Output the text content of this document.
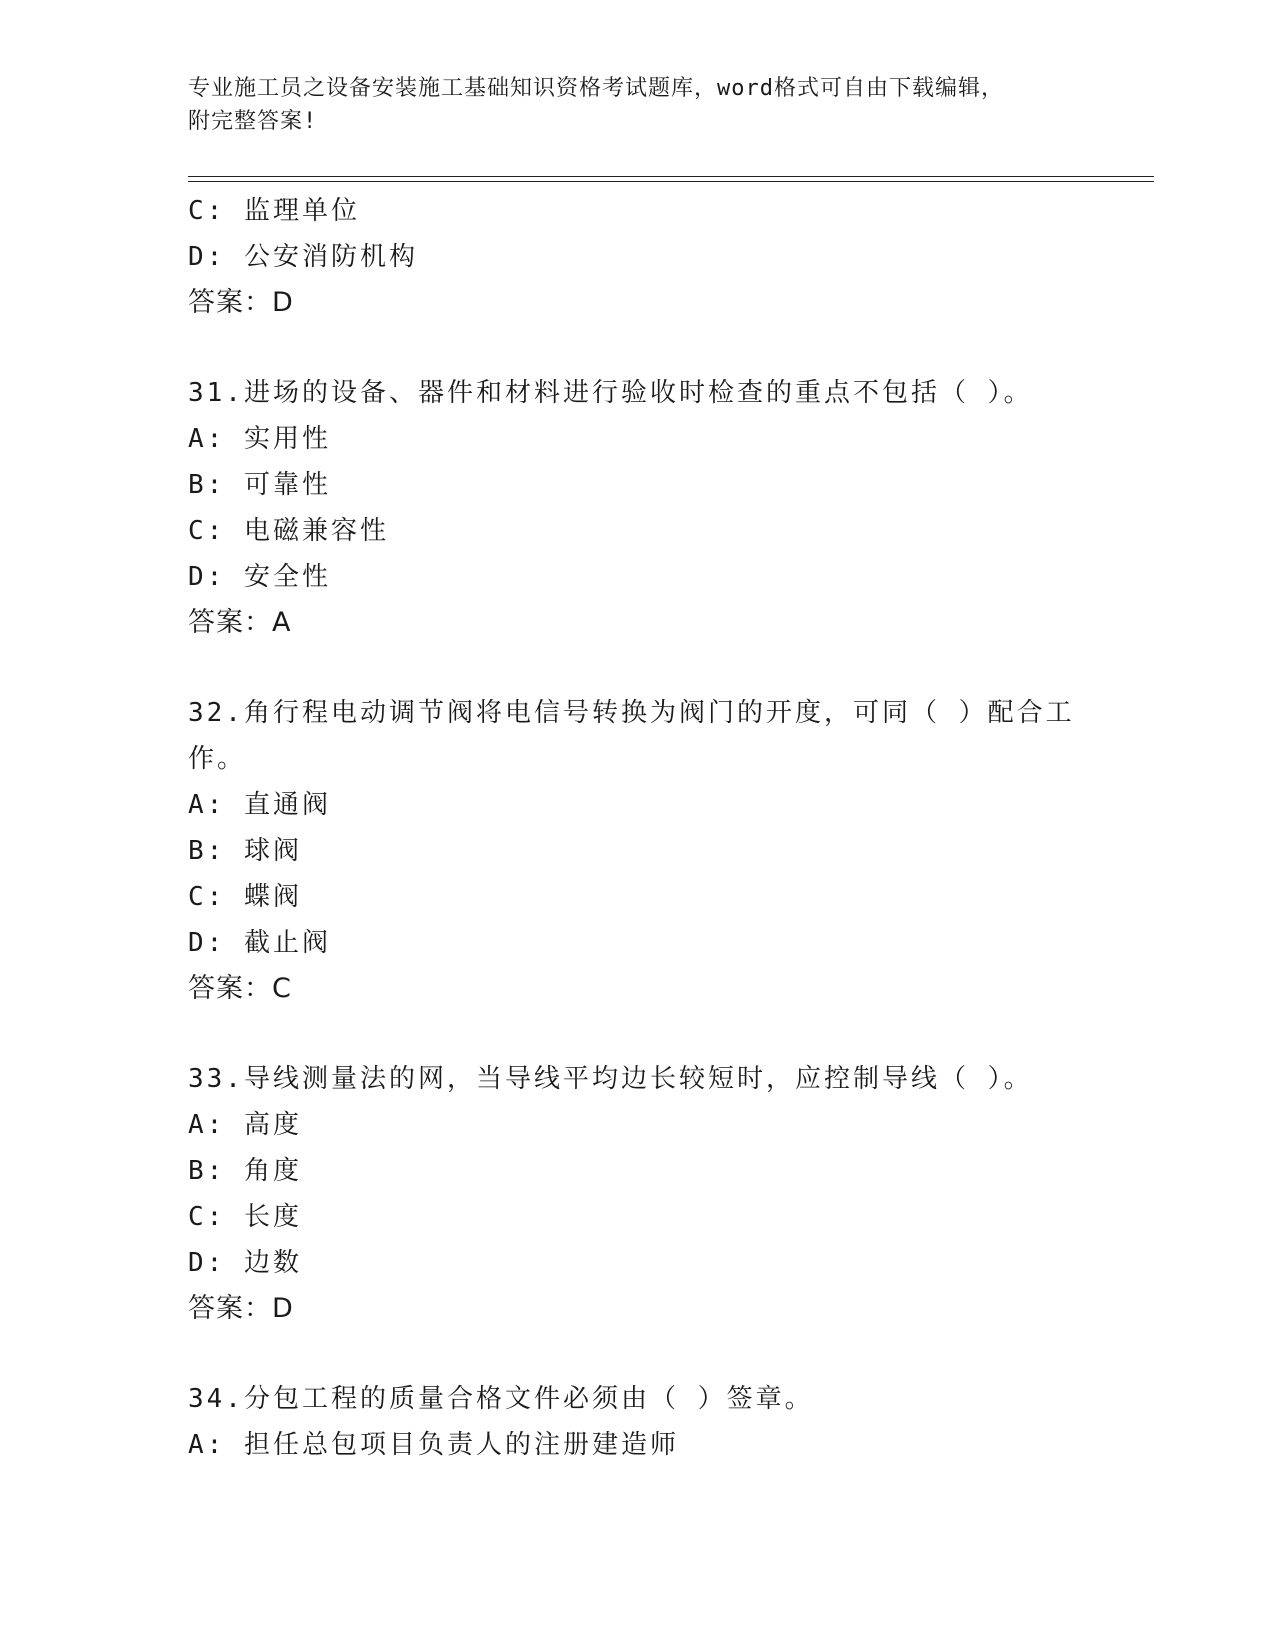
专业施工员之设备安装施工基础知识资格考试题库，word格式可自由下载编辑，
附完整答案!
C: 监理单位
D: 公安消防机构
答案：D
31.进场的设备、器件和材料进行验收时检查的重点不包括（ ）。
A: 实用性
B: 可靠性
C: 电磁兼容性
D: 安全性
答案：A
32.角行程电动调节阀将电信号转换为阀门的开度，可同（ ）配合工
作。
A: 直通阀
B: 球阀
C: 蝶阀
D: 截止阀
答案：C
33.导线测量法的网，当导线平均边长较短时，应控制导线（ ）。
A: 高度
B: 角度
C: 长度
D: 边数
答案：D
34.分包工程的质量合格文件必须由（ ）签章。
A: 担任总包项目负责人的注册建造师
